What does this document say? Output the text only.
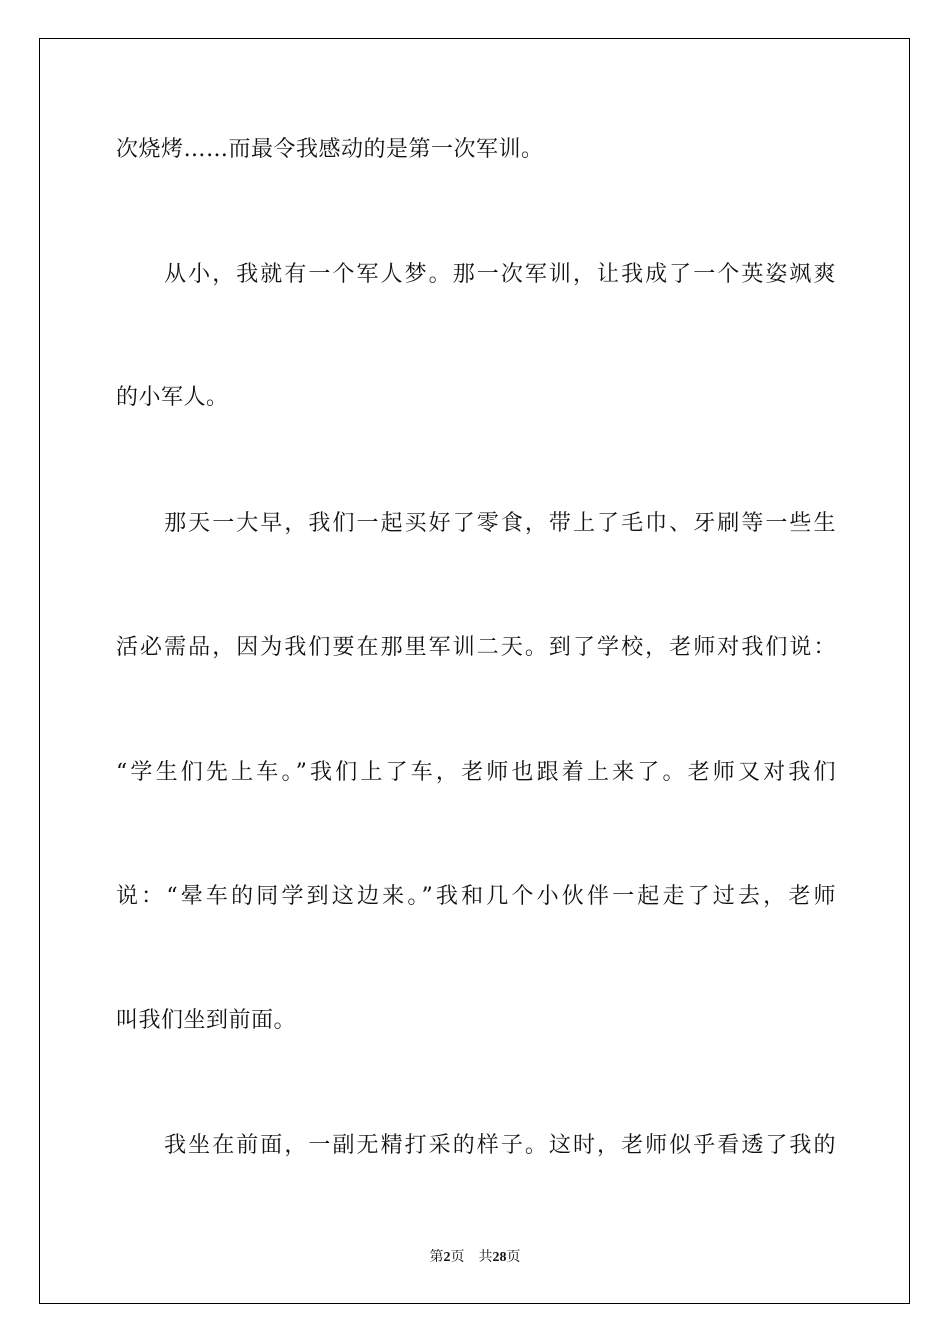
次烧烤……而最令我感动的是第一次军训。
　　从小，我就有一个军人梦。那一次军训，让我成了一个英姿飒爽
的小军人。
　　那天一大早，我们一起买好了零食，带上了毛巾、牙刷等一些生
活必需品，因为我们要在那里军训二天。到了学校，老师对我们说：
“学生们先上车。”我们上了车，老师也跟着上来了。老师又对我们
说：“晕车的同学到这边来。”我和几个小伙伴一起走了过去，老师
叫我们坐到前面。
　　我坐在前面，一副无精打采的样子。这时，老师似乎看透了我的
第2页 共28页
